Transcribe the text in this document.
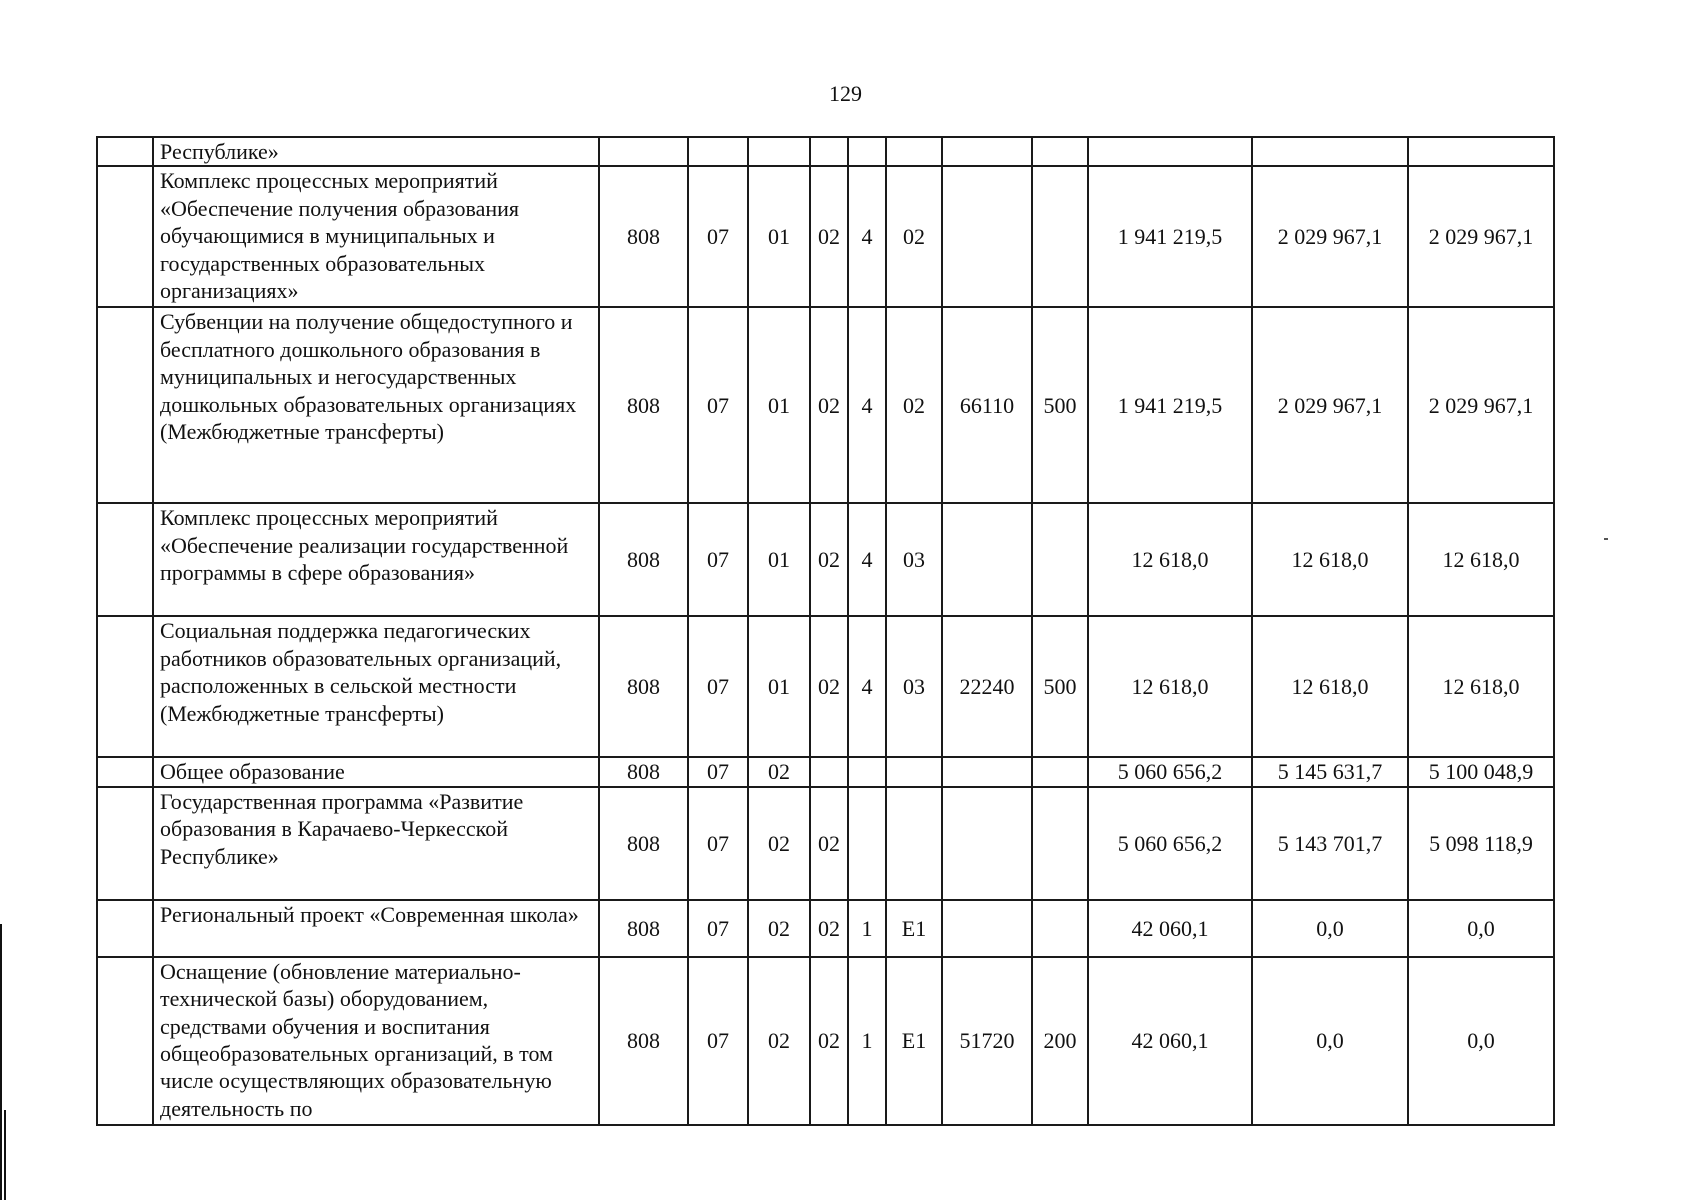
129
	Республике»											
	Комплекс процессных мероприятий «Обеспечение получения образования обучающимися в муниципальных и государственных образовательных организациях»	808	07	01	02	4	02			1 941 219,5	2 029 967,1	2 029 967,1
	Субвенции на получение общедоступного и бесплатного дошкольного образования в муниципальных и негосударственных дошкольных образовательных организациях (Межбюджетные трансферты)	808	07	01	02	4	02	66110	500	1 941 219,5	2 029 967,1	2 029 967,1
	Комплекс процессных мероприятий «Обеспечение реализации государственной программы в сфере образования»	808	07	01	02	4	03			12 618,0	12 618,0	12 618,0
	Социальная поддержка педагогических работников образовательных организаций, расположенных в сельской местности (Межбюджетные трансферты)	808	07	01	02	4	03	22240	500	12 618,0	12 618,0	12 618,0
	Общее образование	808	07	02						5 060 656,2	5 145 631,7	5 100 048,9
	Государственная программа «Развитие образования в Карачаево-Черкесской Республике»	808	07	02	02					5 060 656,2	5 143 701,7	5 098 118,9
	Региональный проект «Современная школа»	808	07	02	02	1	Е1			42 060,1	0,0	0,0
	Оснащение (обновление материально-технической базы) оборудованием, средствами обучения и воспитания общеобразовательных организаций, в том числе осуществляющих образовательную деятельность по	808	07	02	02	1	Е1	51720	200	42 060,1	0,0	0,0
